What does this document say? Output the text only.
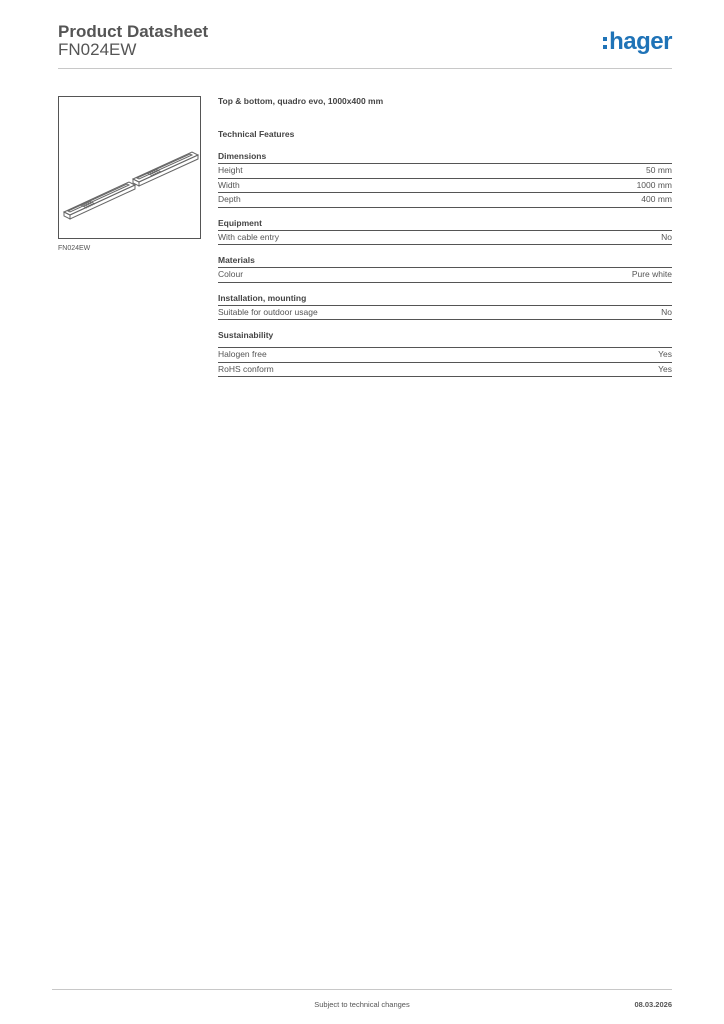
Product Datasheet
FN024EW	hager
FN024EW
Top & bottom, quadro evo, 1000x400 mm
Technical Features
Dimensions
Height	50 mm
Width	1000 mm
Depth	400 mm
Equipment
With cable entry	No
Materials
Colour	Pure white
Installation, mounting
Suitable for outdoor usage	No
Sustainability
Halogen free	Yes
RoHS conform	Yes
Subject to technical changes	08.03.2026
